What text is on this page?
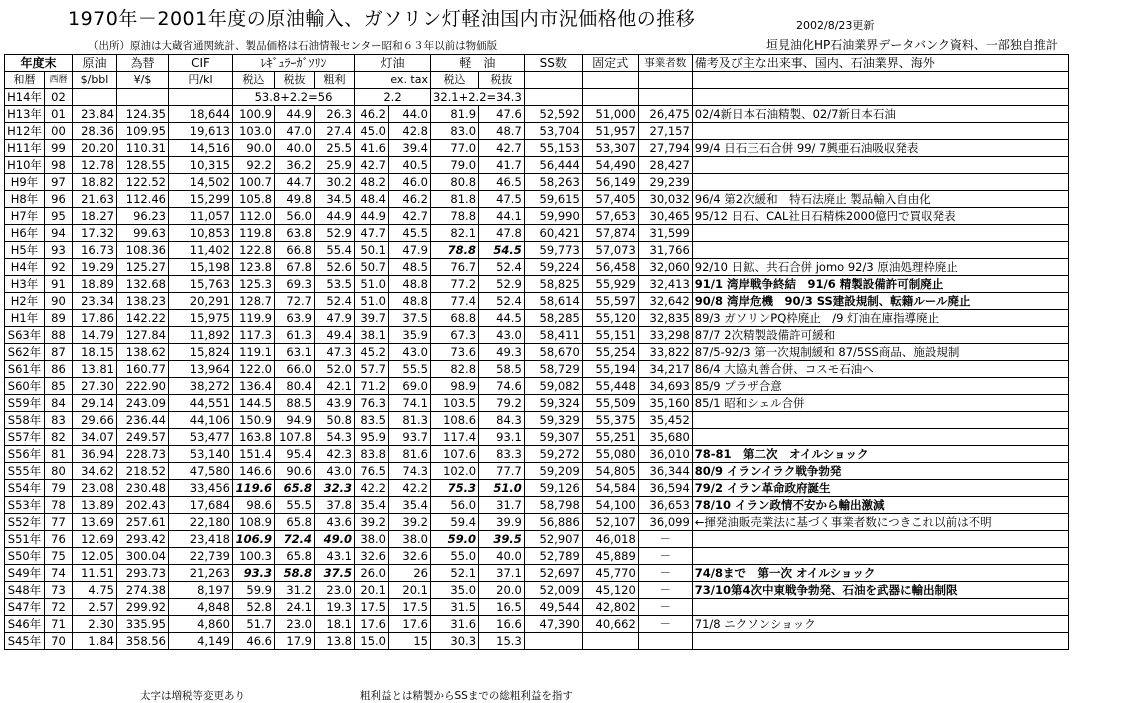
1970年－2001年度の原油輸入、ガソリン灯軽油国内市況価格他の推移	2002/8/23更新
（出所）原油は大蔵省通関統計、製品価格は石油情報センター昭和６３年以前は物価版	垣見油化HP石油業界データバンク資料、一部独自推計
年度末		原油	為替	CIF	ﾚｷﾞｭﾗｰｶﾞｿﾘﾝ			灯油		軽　油		SS数	固定式	事業者数	備考及び主な出来事、国内、石油業界、海外
和暦	西暦	$/bbl	¥/$	円/kl	税込	税抜	粗利	ex. tax		税込	税抜				
H14年	02				53.8+2.2=56			2.2		32.1+2.2=34.3					
H13年	01	23.84	124.35	18,644	100.9	44.9	26.3	46.2	44.0	81.9	47.6	52,592	51,000	26,475	02/4新日本石油精製、02/7新日本石油
H12年	00	28.36	109.95	19,613	103.0	47.0	27.4	45.0	42.8	83.0	48.7	53,704	51,957	27,157	
H11年	99	20.20	110.31	14,516	90.0	40.0	25.5	41.6	39.4	77.0	42.7	55,153	53,307	27,794	99/4 日石三石合併 99/ 7興亜石油吸収発表
H10年	98	12.78	128.55	10,315	92.2	36.2	25.9	42.7	40.5	79.0	41.7	56,444	54,490	28,427	
H9年	97	18.82	122.52	14,502	100.7	44.7	30.2	48.2	46.0	80.8	46.5	58,263	56,149	29,239	
H8年	96	21.63	112.46	15,299	105.8	49.8	34.5	48.4	46.2	81.8	47.5	59,615	57,405	30,032	96/4 第2次緩和　特石法廃止 製品輸入自由化
H7年	95	18.27	96.23	11,057	112.0	56.0	44.9	44.9	42.7	78.8	44.1	59,990	57,653	30,465	95/12 日石、CAL社日石精株2000億円で買収発表
H6年	94	17.32	99.63	10,853	119.8	63.8	52.9	47.7	45.5	82.1	47.8	60,421	57,874	31,599	
H5年	93	16.73	108.36	11,402	122.8	66.8	55.4	50.1	47.9	78.8	54.5	59,773	57,073	31,766	
H4年	92	19.29	125.27	15,198	123.8	67.8	52.6	50.7	48.5	76.7	52.4	59,224	56,458	32,060	92/10 日鉱、共石合併 jomo 92/3 原油処理枠廃止
H3年	91	18.89	132.68	15,763	125.3	69.3	53.5	51.0	48.8	77.2	52.9	58,825	55,929	32,413	91/1 湾岸戦争終結　91/6 精製設備許可制廃止
H2年	90	23.34	138.23	20,291	128.7	72.7	52.4	51.0	48.8	77.4	52.4	58,614	55,597	32,642	90/8 湾岸危機　90/3 SS建設規制、転籍ルール廃止
H1年	89	17.86	142.22	15,975	119.9	63.9	47.9	39.7	37.5	68.8	44.5	58,285	55,120	32,835	89/3 ガソリンPQ枠廃止　/9 灯油在庫指導廃止
S63年	88	14.79	127.84	11,892	117.3	61.3	49.4	38.1	35.9	67.3	43.0	58,411	55,151	33,298	87/7 2次精製設備許可緩和
S62年	87	18.15	138.62	15,824	119.1	63.1	47.3	45.2	43.0	73.6	49.3	58,670	55,254	33,822	87/5-92/3 第一次規制緩和 87/5SS商品、施設規制
S61年	86	13.81	160.77	13,964	122.0	66.0	52.0	57.7	55.5	82.8	58.5	58,729	55,194	34,217	86/4 大協丸善合併、コスモ石油へ
S60年	85	27.30	222.90	38,272	136.4	80.4	42.1	71.2	69.0	98.9	74.6	59,082	55,448	34,693	85/9 プラザ合意
S59年	84	29.14	243.09	44,551	144.5	88.5	43.9	76.3	74.1	103.5	79.2	59,324	55,509	35,160	85/1 昭和シェル合併
S58年	83	29.66	236.44	44,106	150.9	94.9	50.8	83.5	81.3	108.6	84.3	59,329	55,375	35,452	
S57年	82	34.07	249.57	53,477	163.8	107.8	54.3	95.9	93.7	117.4	93.1	59,307	55,251	35,680	
S56年	81	36.94	228.73	53,140	151.4	95.4	42.3	83.8	81.6	107.6	83.3	59,272	55,080	36,010	78-81　第二次　オイルショック
S55年	80	34.62	218.52	47,580	146.6	90.6	43.0	76.5	74.3	102.0	77.7	59,209	54,805	36,344	80/9 イランイラク戦争勃発
S54年	79	23.08	230.48	33,456	119.6	65.8	32.3	42.2	42.2	75.3	51.0	59,126	54,584	36,594	79/2 イラン革命政府誕生
S53年	78	13.89	202.43	17,684	98.6	55.5	37.8	35.4	35.4	56.0	31.7	58,798	54,100	36,653	78/10 イラン政情不安から輸出激減
S52年	77	13.69	257.61	22,180	108.9	65.8	43.6	39.2	39.2	59.4	39.9	56,886	52,107	36,099	←揮発油販売業法に基づく事業者数につきこれ以前は不明
S51年	76	12.69	293.42	23,418	106.9	72.4	49.0	38.0	38.0	59.0	39.5	52,907	46,018	－	
S50年	75	12.05	300.04	22,739	100.3	65.8	43.1	32.6	32.6	55.0	40.0	52,789	45,889	－	
S49年	74	11.51	293.73	21,263	93.3	58.8	37.5	26.0	26	52.1	37.1	52,697	45,770	－	74/8まで　第一次 オイルショック
S48年	73	4.75	274.38	8,197	59.9	31.2	23.0	20.1	20.1	35.0	20.0	52,009	45,120	－	73/10第4次中東戦争勃発、石油を武器に輸出制限
S47年	72	2.57	299.92	4,848	52.8	24.1	19.3	17.5	17.5	31.5	16.5	49,544	42,802	－	
S46年	71	2.30	335.95	4,860	51.7	23.0	18.1	17.6	17.6	31.6	16.6	47,390	40,662	－	71/8 ニクソンショック
S45年	70	1.84	358.56	4,149	46.6	17.9	13.8	15.0	15	30.3	15.3				
太字は増税等変更あり	粗利益とは精製からSSまでの総粗利益を指す
